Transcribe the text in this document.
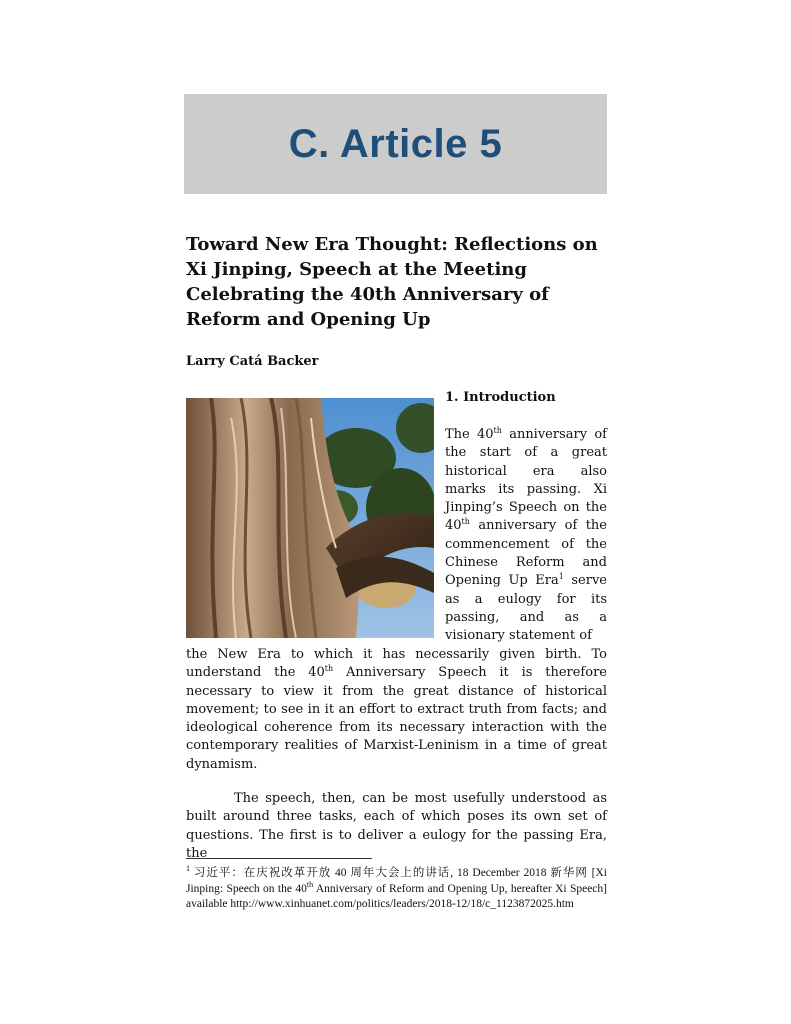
C. Article 5
Toward New Era Thought: Reflections on Xi Jinping, Speech at the Meeting Celebrating the 40th Anniversary of Reform and Opening Up
Larry Catá Backer
1. Introduction

The 40th anniversary of the start of a great historical era also marks its passing. Xi Jinping’s Speech on the 40th anniversary of the commencement of the Chinese Reform and Opening Up Era$^1$ serve as a eulogy for its passing, and as a visionary statement of

the New Era to which it has necessarily given birth. To understand the 40th Anniversary Speech it is therefore necessary to view it from the great distance of historical movement; to see in it an effort to extract truth from facts; and ideological coherence from its necessary interaction with the contemporary realities of Marxist-Leninism in a time of great dynamism.

The speech, then, can be most usefully understood as built around three tasks, each of which poses its own set of questions. The first is to deliver a eulogy for the passing Era, the

$^1$ 习近平：在庆祝改革开放 40 周年大会上的讲话, 18 December 2018 新华网 [Xi Jinping: Speech on the 40th Anniversary of Reform and Opening Up, hereafter Xi Speech] available http://www.xinhuanet.com/politics/leaders/2018-12/18/c_1123872025.htm
